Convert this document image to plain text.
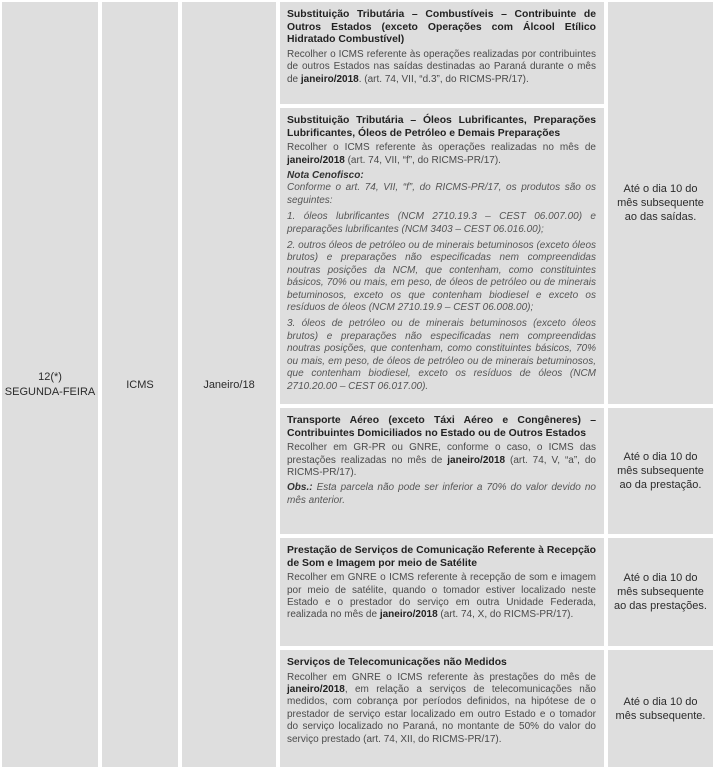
12(*)
SEGUNDA-FEIRA
ICMS	Janeiro/18
Substituição Tributária – Combustíveis – Contribuinte de Outros Estados (exceto Operações com Álcool Etílico Hidratado Combustível)

Recolher o ICMS referente às operações realizadas por contribuintes de outros Estados nas saídas destinadas ao Paraná durante o mês de janeiro/2018. (art. 74, VII, “d.3”, do RICMS-PR/17).

Substituição Tributária – Óleos Lubrificantes, Preparações Lubrificantes, Óleos de Petróleo e Demais Preparações

Recolher o ICMS referente às operações realizadas no mês de janeiro/2018 (art. 74, VII, “f”, do RICMS-PR/17).

Nota Cenofisco:

Conforme o art. 74, VII, “f”, do RICMS-PR/17, os produtos são os seguintes:

1. óleos lubrificantes (NCM 2710.19.3 – CEST 06.007.00) e preparações lubrificantes (NCM 3403 – CEST 06.016.00);

2. outros óleos de petróleo ou de minerais betuminosos (exceto óleos brutos) e preparações não especificadas nem compreendidas noutras posições da NCM, que contenham, como constituintes básicos, 70% ou mais, em peso, de óleos de petróleo ou de minerais betuminosos, exceto os que contenham biodiesel e exceto os resíduos de óleos (NCM 2710.19.9 – CEST 06.008.00);

3. óleos de petróleo ou de minerais betuminosos (exceto óleos brutos) e preparações não especificadas nem compreendidas noutras posições, que contenham, como constituintes básicos, 70% ou mais, em peso, de óleos de petróleo ou de minerais betuminosos, que contenham biodiesel, exceto os resíduos de óleos (NCM 2710.20.00 – CEST 06.017.00).

Até o dia 10 do mês subsequente ao das saídas.
Transporte Aéreo (exceto Táxi Aéreo e Congêneres) – Contribuintes Domiciliados no Estado ou de Outros Estados

Recolher em GR-PR ou GNRE, conforme o caso, o ICMS das prestações realizadas no mês de janeiro/2018 (art. 74, V, “a”, do RICMS-PR/17).

Obs.: Esta parcela não pode ser inferior a 70% do valor devido no mês anterior.

Até o dia 10 do mês subsequente ao da prestação.
Prestação de Serviços de Comunicação Referente à Recepção de Som e Imagem por meio de Satélite

Recolher em GNRE o ICMS referente à recepção de som e imagem por meio de satélite, quando o tomador estiver localizado neste Estado e o prestador do serviço em outra Unidade Federada, realizada no mês de janeiro/2018 (art. 74, X, do RICMS-PR/17).

Até o dia 10 do mês subsequente ao das prestações.
Serviços de Telecomunicações não Medidos

Recolher em GNRE o ICMS referente às prestações do mês de janeiro/2018, em relação a serviços de telecomunicações não medidos, com cobrança por períodos definidos, na hipótese de o prestador de serviço estar localizado em outro Estado e o tomador do serviço localizado no Paraná, no montante de 50% do valor do serviço prestado (art. 74, XII, do RICMS-PR/17).

Até o dia 10 do mês subsequente.
